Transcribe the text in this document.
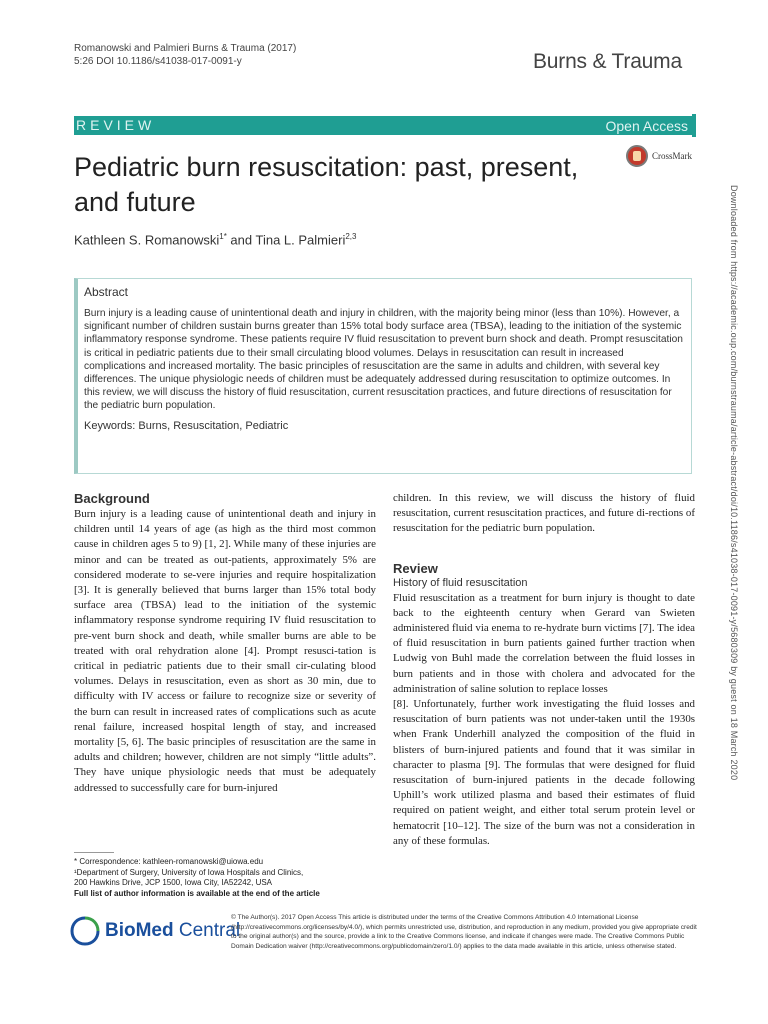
Romanowski and Palmieri Burns & Trauma (2017)
5:26 DOI 10.1186/s41038-017-0091-y	Burns & Trauma
REVIEW	Open Access
Pediatric burn resuscitation: past, present, and future
CrossMark
Kathleen S. Romanowski$^{1*}$ and Tina L. Palmieri$^{2,3}$
Abstract

Burn injury is a leading cause of unintentional death and injury in children, with the majority being minor (less than 10%). However, a significant number of children sustain burns greater than 15% total body surface area (TBSA), leading to the initiation of the systemic inflammatory response syndrome. These patients require IV fluid resuscitation to prevent burn shock and death. Prompt resuscitation is critical in pediatric patients due to their small circulating blood volumes. Delays in resuscitation can result in increased complications and increased mortality. The basic principles of resuscitation are the same in adults and children, with several key differences. The unique physiologic needs of children must be adequately addressed during resuscitation to optimize outcomes. In this review, we will discuss the history of fluid resuscitation, current resuscitation practices, and future directions of resuscitation for the pediatric burn population.

Keywords: Burns, Resuscitation, Pediatric
Background

Burn injury is a leading cause of unintentional death and injury in children until 14 years of age (as high as the third most common cause in children ages 5 to 9) [1, 2]. While many of these injuries are minor and can be treated as out-patients, approximately 5% are considered moderate to se-vere injuries and require hospitalization [3]. It is generally believed that burns larger than 15% total body surface area (TBSA) lead to the initiation of the systemic inflammatory response syndrome requiring IV fluid resuscitation to pre-vent burn shock and death, while smaller burns are able to be treated with oral rehydration alone [4]. Prompt resusci-tation is critical in pediatric patients due to their small cir-culating blood volumes. Delays in resuscitation, even as short as 30 min, due to difficulty with IV access or failure to recognize size or severity of the burn can result in increased rates of complications such as acute renal failure, increased hospital length of stay, and increased mortality [5, 6]. The basic principles of resuscitation are the same in adults and children; however, children are not simply “little adults”. They have unique physiologic needs that must be adequately addressed to successfully care for burn-injured

children. In this review, we will discuss the history of fluid resuscitation, current resuscitation practices, and future di-rections of resuscitation for the pediatric burn population.

Review
History of fluid resuscitation

Fluid resuscitation as a treatment for burn injury is thought to date back to the eighteenth century when Gerard van Swieten administered fluid via enema to re-hydrate burn victims [7]. The idea of fluid resuscitation in burn patients gained further traction when Ludwig von Buhl made the correlation between the fluid losses in burn patients and in those with cholera and advocated for the administration of saline solution to replace losses

[8]. Unfortunately, further work investigating the fluid losses and resuscitation of burn patients was not under-taken until the 1930s when Frank Underhill analyzed the composition of the fluid in blisters of burn-injured patients and found that it was similar in character to plasma [9]. The formulas that were designed for fluid resuscitation of burn-injured patients in the decade following Uphill’s work utilized plasma and based their estimates of fluid required on patient weight, and either total serum protein level or hematocrit [10–12]. The size of the burn was not a consideration in any of these formulas.

* Correspondence: kathleen-romanowski@uiowa.edu
¹Department of Surgery, University of Iowa Hospitals and Clinics,
200 Hawkins Drive, JCP 1500, Iowa City, IA52242, USA
Full list of author information is available at the end of the article
BioMed Central
© The Author(s). 2017 Open Access This article is distributed under the terms of the Creative Commons Attribution 4.0 International License (http://creativecommons.org/licenses/by/4.0/), which permits unrestricted use, distribution, and reproduction in any medium, provided you give appropriate credit to the original author(s) and the source, provide a link to the Creative Commons license, and indicate if changes were made. The Creative Commons Public Domain Dedication waiver (http://creativecommons.org/publicdomain/zero/1.0/) applies to the data made available in this article, unless otherwise stated.
Downloaded from https://academic.oup.com/burnstrauma/article-abstract/doi/10.1186/s41038-017-0091-y/5680309 by guest on 18 March 2020
